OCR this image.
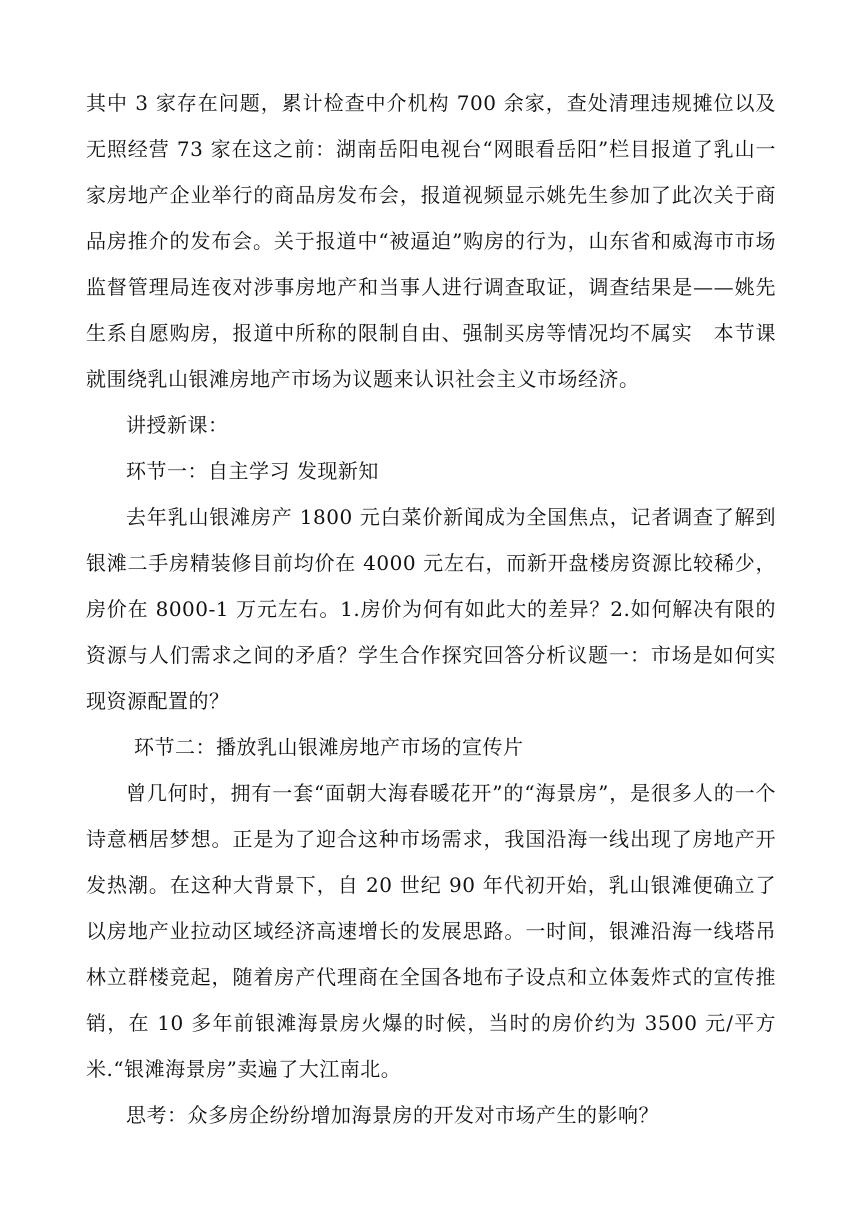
其中 3 家存在问题，累计检查中介机构 700 余家，查处清理违规摊位以及无照经营 73 家在这之前：湖南岳阳电视台“网眼看岳阳”栏目报道了乳山一家房地产企业举行的商品房发布会，报道视频显示姚先生参加了此次关于商品房推介的发布会。关于报道中“被逼迫”购房的行为，山东省和威海市市场监督管理局连夜对涉事房地产和当事人进行调查取证，调查结果是——姚先生系自愿购房，报道中所称的限制自由、强制买房等情况均不属实　本节课就围绕乳山银滩房地产市场为议题来认识社会主义市场经济。

讲授新课：

环节一：自主学习 发现新知

去年乳山银滩房产 1800 元白菜价新闻成为全国焦点，记者调查了解到银滩二手房精装修目前均价在 4000 元左右，而新开盘楼房资源比较稀少，房价在 8000-1 万元左右。1.房价为何有如此大的差异？2.如何解决有限的资源与人们需求之间的矛盾？学生合作探究回答分析议题一：市场是如何实现资源配置的？

环节二：播放乳山银滩房地产市场的宣传片

曾几何时，拥有一套“面朝大海春暖花开”的“海景房”，是很多人的一个诗意栖居梦想。正是为了迎合这种市场需求，我国沿海一线出现了房地产开发热潮。在这种大背景下，自 20 世纪 90 年代初开始，乳山银滩便确立了以房地产业拉动区域经济高速增长的发展思路。一时间，银滩沿海一线塔吊林立群楼竞起，随着房产代理商在全国各地布子设点和立体轰炸式的宣传推销，在 10 多年前银滩海景房火爆的时候，当时的房价约为 3500 元/平方米.“银滩海景房”卖遍了大江南北。

思考：众多房企纷纷增加海景房的开发对市场产生的影响？
